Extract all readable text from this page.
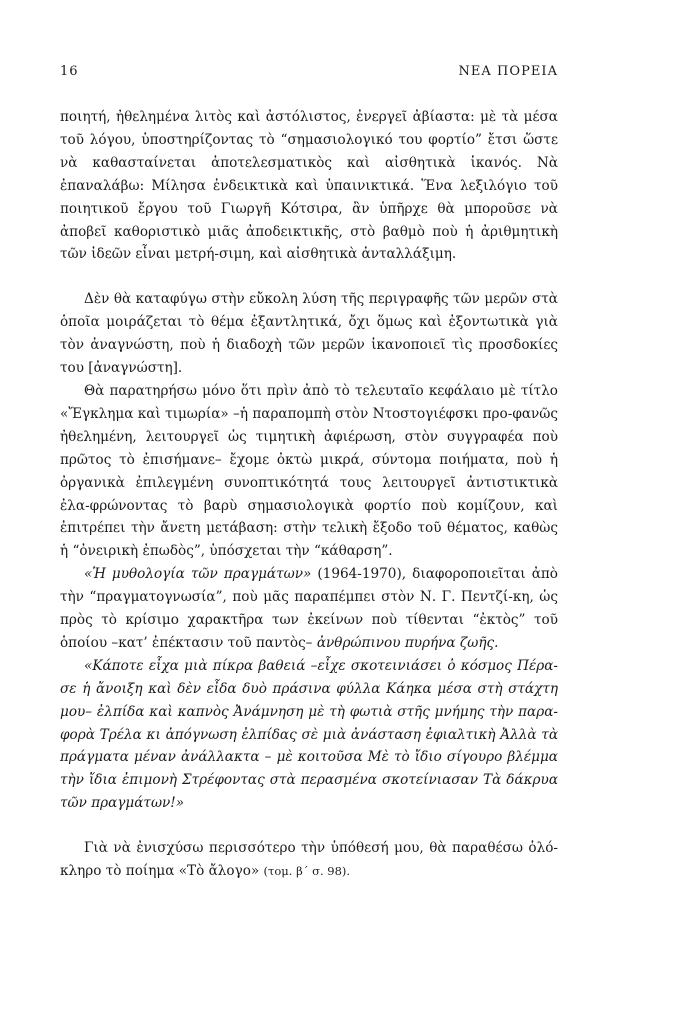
16	ΝΕΑ ΠΟΡΕΙΑ

ποιητή, ἠθελημένα λιτὸς καὶ ἀστόλιστος, ἐνεργεῖ ἀβίαστα: μὲ τὰ μέσα τοῦ λόγου, ὑποστηρίζοντας τὸ “σημασιολογικό του φορτίο” ἔτσι ὥστε νὰ καθασταίνεται ἀποτελεσματικὸς καὶ αἰσθητικὰ ἱκανός. Νὰ ἐπαναλάβω: Μίλησα ἐνδεικτικὰ καὶ ὑπαινικτικά. Ἕνα λεξιλόγιο τοῦ ποιητικοῦ ἔργου τοῦ Γιωργῆ Κότσιρα, ἂν ὑπῆρχε θὰ μποροῦσε νὰ ἀποβεῖ καθοριστικὸ μιᾶς ἀποδεικτικῆς, στὸ βαθμὸ ποὺ ἡ ἀριθμητικὴ τῶν ἰδεῶν εἶναι μετρή-σιμη, καὶ αἰσθητικὰ ἀνταλλάξιμη.

Δὲν θὰ καταφύγω στὴν εὔκολη λύση τῆς περιγραφῆς τῶν μερῶν στὰ ὁποῖα μοιράζεται τὸ θέμα ἐξαντλητικά, ὄχι ὅμως καὶ ἐξοντωτικὰ γιὰ τὸν ἀναγνώστη, ποὺ ἡ διαδοχὴ τῶν μερῶν ἱκανοποιεῖ τὶς προσδοκίες του [ἀναγνώστη].

Θὰ παρατηρήσω μόνο ὅτι πρὶν ἀπὸ τὸ τελευταῖο κεφάλαιο μὲ τίτλο «Ἔγκλημα καὶ τιμωρία» –ἡ παραπομπὴ στὸν Ντοστογιέφσκι προ-φανῶς ἠθελημένη, λειτουργεῖ ὡς τιμητικὴ ἀφιέρωση, στὸν συγγραφέα ποὺ πρῶτος τὸ ἐπισήμανε– ἔχομε ὀκτὼ μικρά, σύντομα ποιήματα, ποὺ ἡ ὀργανικὰ ἐπιλεγμένη συνοπτικότητά τους λειτουργεῖ ἀντιστικτικὰ ἐλα-φρώνοντας τὸ βαρὺ σημασιολογικὰ φορτίο ποὺ κομίζουν, καὶ ἐπιτρέπει τὴν ἄνετη μετάβαση: στὴν τελικὴ ἔξοδο τοῦ θέματος, καθὼς ἡ “ὀνειρικὴ ἐπωδὸς”, ὑπόσχεται τὴν “κάθαρση”.

«Ἡ μυθολογία τῶν πραγμάτων» (1964-1970), διαφοροποιεῖται ἀπὸ τὴν “πραγματογνωσία”, ποὺ μᾶς παραπέμπει στὸν Ν. Γ. Πεντζί-κη, ὡς πρὸς τὸ κρίσιμο χαρακτῆρα των ἐκείνων ποὺ τίθενται “ἐκτὸς” τοῦ ὁποίου –κατ’ ἐπέκτασιν τοῦ παντὸς– ἀνθρώπινου πυρήνα ζωῆς.

«Κάποτε εἶχα μιὰ πίκρα βαθειά –εἶχε σκοτεινιάσει ὁ κόσμος Πέρα-σε ἡ ἄνοιξη καὶ δὲν εἶδα δυὸ πράσινα φύλλα Κάηκα μέσα στὴ στάχτη μου– ἐλπίδα καὶ καπνὸς Ἀνάμνηση μὲ τὴ φωτιὰ στῆς μνήμης τὴν παρα-φορὰ Τρέλα κι ἀπόγνωση ἐλπίδας σὲ μιὰ ἀνάσταση ἐφιαλτικὴ Ἀλλὰ τὰ πράγματα μέναν ἀνάλλακτα – μὲ κοιτοῦσα Μὲ τὸ ἴδιο σίγουρο βλέμμα τὴν ἴδια ἐπιμονὴ Στρέφοντας στὰ περασμένα σκοτείνιασαν Τὰ δάκρυα τῶν πραγμάτων!»

Γιὰ νὰ ἐνισχύσω περισσότερο τὴν ὑπόθεσή μου, θὰ παραθέσω ὁλό-κληρο τὸ ποίημα «Τὸ ἄλογο» (τομ. β΄ σ. 98).
